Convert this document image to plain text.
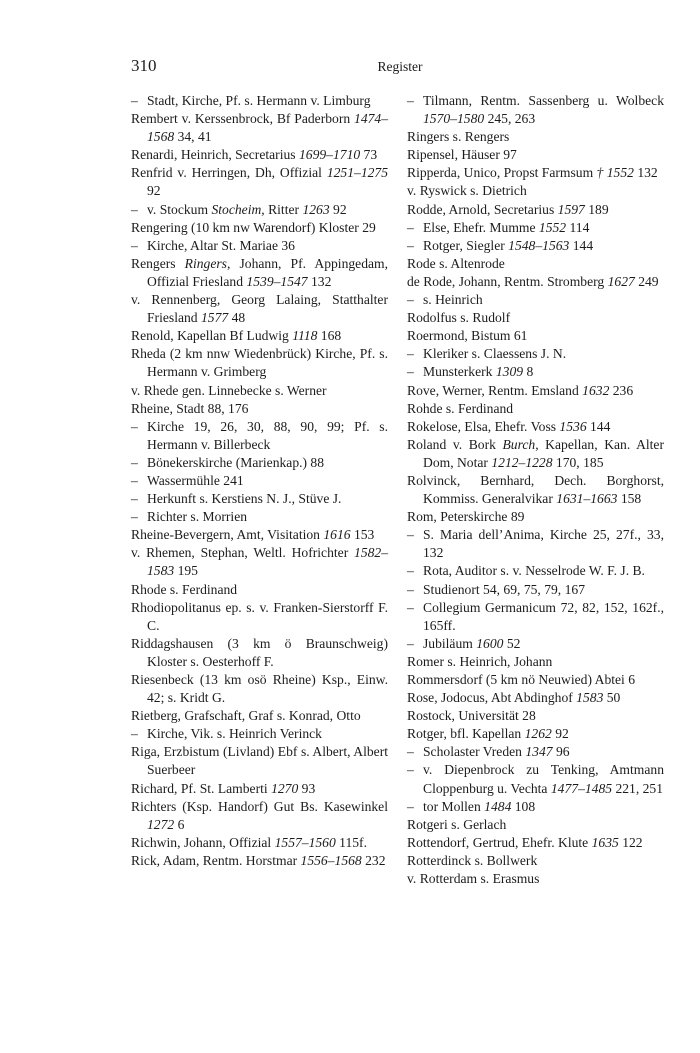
310	Register
– Stadt, Kirche, Pf. s. Hermann v. Limburg
Rembert v. Kerssenbrock, Bf Paderborn 1474–1568 34, 41
Renardi, Heinrich, Secretarius 1699–1710 73
Renfrid v. Herringen, Dh, Offizial 1251–1275 92
– v. Stockum Stocheim, Ritter 1263 92
Rengering (10 km nw Warendorf) Kloster 29
– Kirche, Altar St. Mariae 36
Rengers Ringers, Johann, Pf. Appingedam, Offizial Friesland 1539–1547 132
v. Rennenberg, Georg Lalaing, Statthalter Friesland 1577 48
Renold, Kapellan Bf Ludwig 1118 168
Rheda (2 km nnw Wiedenbrück) Kirche, Pf. s. Hermann v. Grimberg
v. Rhede gen. Linnebecke s. Werner
Rheine, Stadt 88, 176
– Kirche 19, 26, 30, 88, 90, 99; Pf. s. Hermann v. Billerbeck
– Bönekerskirche (Marienkap.) 88
– Wassermühle 241
– Herkunft s. Kerstiens N. J., Stüve J.
– Richter s. Morrien
Rheine-Bevergern, Amt, Visitation 1616 153
v. Rhemen, Stephan, Weltl. Hofrichter 1582–1583 195
Rhode s. Ferdinand
Rhodiopolitanus ep. s. v. Franken-Sierstorff F. C.
Riddagshausen (3 km ö Braunschweig) Kloster s. Oesterhoff F.
Riesenbeck (13 km osö Rheine) Ksp., Einw. 42; s. Kridt G.
Rietberg, Grafschaft, Graf s. Konrad, Otto
– Kirche, Vik. s. Heinrich Verinck
Riga, Erzbistum (Livland) Ebf s. Albert, Albert Suerbeer
Richard, Pf. St. Lamberti 1270 93
Richters (Ksp. Handorf) Gut Bs. Kasewinkel 1272 6
Richwin, Johann, Offizial 1557–1560 115f.
Rick, Adam, Rentm. Horstmar 1556–1568 232
– Tilmann, Rentm. Sassenberg u. Wolbeck 1570–1580 245, 263
Ringers s. Rengers
Ripensel, Häuser 97
Ripperda, Unico, Propst Farmsum † 1552 132
v. Ryswick s. Dietrich
Rodde, Arnold, Secretarius 1597 189
– Else, Ehefr. Mumme 1552 114
– Rotger, Siegler 1548–1563 144
Rode s. Altenrode
de Rode, Johann, Rentm. Stromberg 1627 249
– s. Heinrich
Rodolfus s. Rudolf
Roermond, Bistum 61
– Kleriker s. Claessens J. N.
– Munsterkerk 1309 8
Rove, Werner, Rentm. Emsland 1632 236
Rohde s. Ferdinand
Rokelose, Elsa, Ehefr. Voss 1536 144
Roland v. Bork Burch, Kapellan, Kan. Alter Dom, Notar 1212–1228 170, 185
Rolvinck, Bernhard, Dech. Borghorst, Kommiss. Generalvikar 1631–1663 158
Rom, Peterskirche 89
– S. Maria dell’Anima, Kirche 25, 27f., 33, 132
– Rota, Auditor s. v. Nesselrode W. F. J. B.
– Studienort 54, 69, 75, 79, 167
– Collegium Germanicum 72, 82, 152, 162f., 165ff.
– Jubiläum 1600 52
Romer s. Heinrich, Johann
Rommersdorf (5 km nö Neuwied) Abtei 6
Rose, Jodocus, Abt Abdinghof 1583 50
Rostock, Universität 28
Rotger, bfl. Kapellan 1262 92
– Scholaster Vreden 1347 96
– v. Diepenbrock zu Tenking, Amtmann Cloppenburg u. Vechta 1477–1485 221, 251
– tor Mollen 1484 108
Rotgeri s. Gerlach
Rottendorf, Gertrud, Ehefr. Klute 1635 122
Rotterdinck s. Bollwerk
v. Rotterdam s. Erasmus
